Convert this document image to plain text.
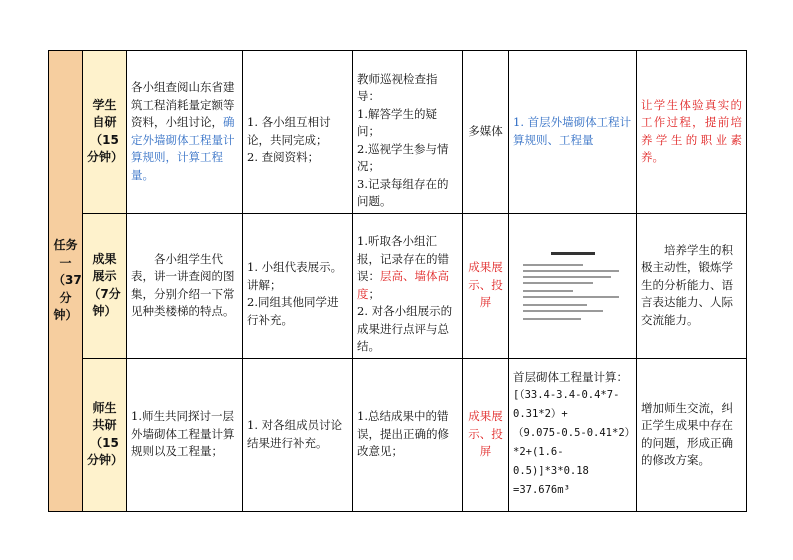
任务一（37分钟）	学生自研（15分钟）	各小组查阅山东省建筑工程消耗量定额等资料，小组讨论，确定外墙砌体工程量计算规则，计算工程量。	1. 各小组互相讨论，共同完成；
2. 查阅资料；	教师巡视检查指导：
1.解答学生的疑问；
2.巡视学生参与情况；
3.记录每组存在的问题。	多媒体	1. 首层外墙砌体工程计算规则、工程量	让学生体验真实的工作过程，提前培养学生的职业素养。
	成果展示（7分钟）	各小组学生代表，讲一讲查阅的图集，分别介绍一下常见种类楼梯的特点。	1. 小组代表展示。讲解；
2.同组其他同学进行补充。	1.听取各小组汇报，记录存在的错误：层高、墙体高度；
2. 对各小组展示的成果进行点评与总结。	成果展示、投屏		培养学生的积极主动性，锻炼学生的分析能力、语言表达能力、人际交流能力。
	师生共研（15分钟）	1.师生共同探讨一层外墙砌体工程量计算规则以及工程量；	1. 对各组成员讨论结果进行补充。	1.总结成果中的错误，提出正确的修改意见；	成果展示、投屏	首层砌体工程量计算：
[（33.4-3.4-0.4*7-0.31*2）+
（9.075-0.5-0.41*2）*2+(1.6-0.5)]*3*0.18
=37.676m³	增加师生交流，纠正学生成果中存在的问题，形成正确的修改方案。
